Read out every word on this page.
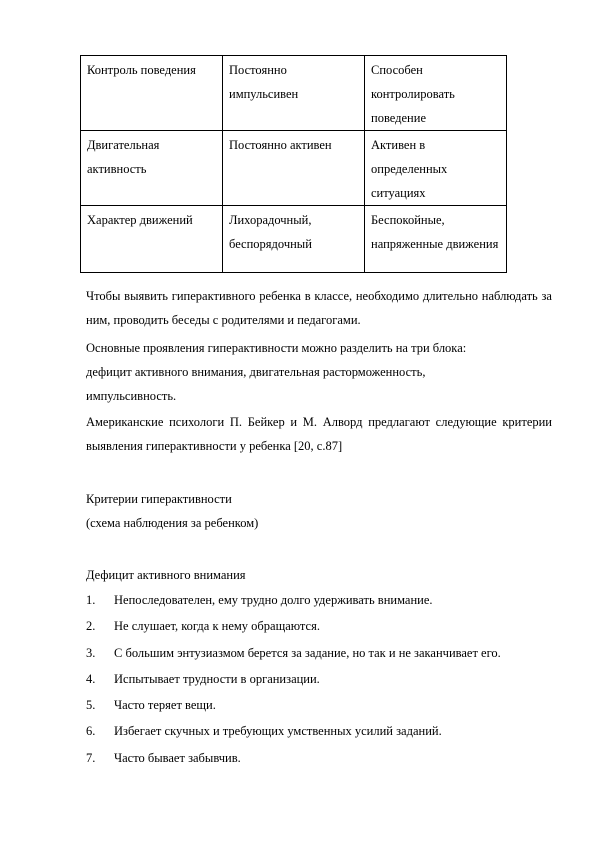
Контроль поведения	Постоянно импульсивен	Способен контролировать поведение

Двигательная активность	Постоянно активен	Активен в определенных ситуациях

Характер движений	Лихорадочный, беспорядочный	Беспокойные, напряженные движения

Чтобы выявить гиперактивного ребенка в классе, необходимо длительно наблюдать за ним, проводить беседы с родителями и педагогами.

Основные проявления гиперактивности можно разделить на три блока:

дефицит активного внимания, двигательная расторможенность,

импульсивность.

Американские психологи П. Бейкер и М. Алворд предлагают следующие критерии выявления гиперактивности у ребенка [20, с.87]

Критерии гиперактивности

(схема наблюдения за ребенком)

Дефицит активного внимания

1.	Непоследователен, ему трудно долго удерживать внимание.
2.	Не слушает, когда к нему обращаются.
3.	С большим энтузиазмом берется за задание, но так и не заканчивает его.
4.	Испытывает трудности в организации.
5.	Часто теряет вещи.
6.	Избегает скучных и требующих умственных усилий заданий.
7.	Часто бывает забывчив.
